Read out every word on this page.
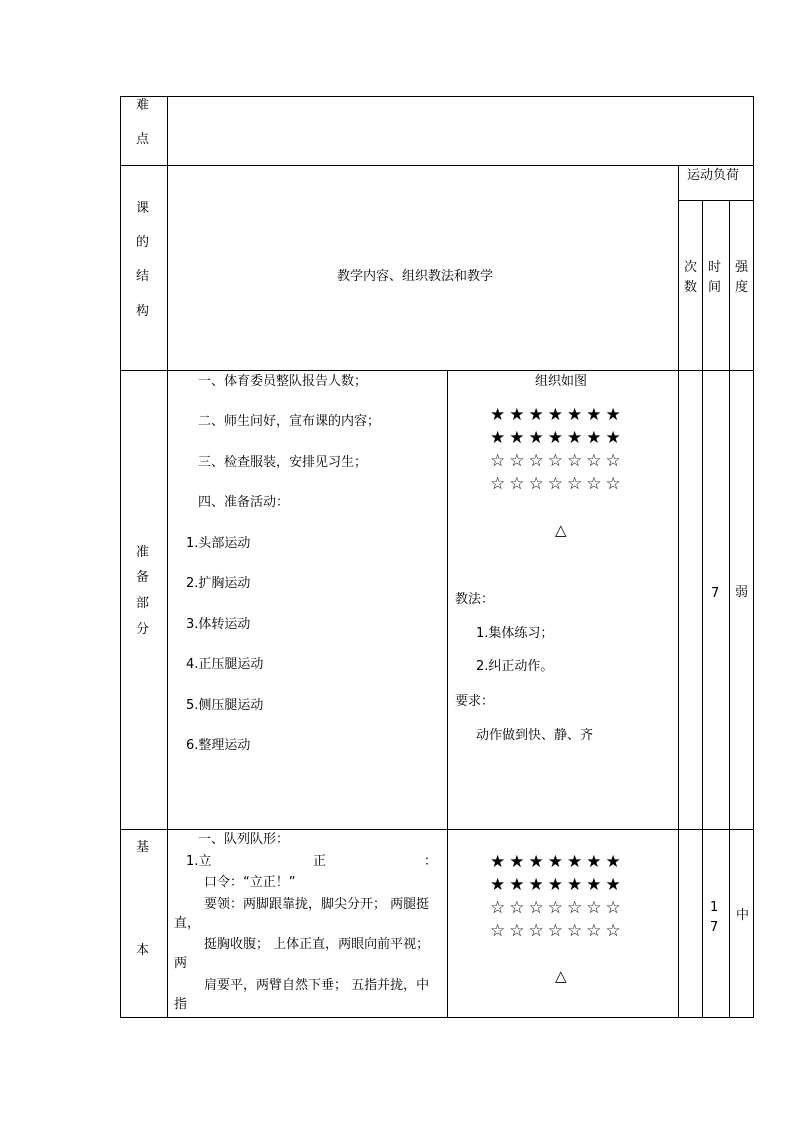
难
点
课
的
结
构
教学内容、组织教法和教学
运动负荷
次
数
时
间
强
度
准
备
部
分
一、体育委员整队报告人数；
二、师生问好，宣布课的内容；
三、检查服装，安排见习生；
四、准备活动：
1.头部运动
2.扩胸运动
3.体转运动
4.正压腿运动
5.侧压腿运动
6.整理运动
组织如图
★★★★★★★
★★★★★★★
☆☆☆☆☆☆☆
☆☆☆☆☆☆☆
△
教法：
1.集体练习；
2.纠正动作。
要求：
动作做到快、静、齐
7 弱
基
本
一、队列队形：
1.立	正	：
口令：“立正！”
要领：两脚跟靠拢，脚尖分开； 两腿挺直，
挺胸收腹； 上体正直，两眼向前平视；两
肩要平，两臂自然下垂； 五指并拢，中指
★★★★★★★
★★★★★★★
☆☆☆☆☆☆☆
☆☆☆☆☆☆☆
△
1
7
中
